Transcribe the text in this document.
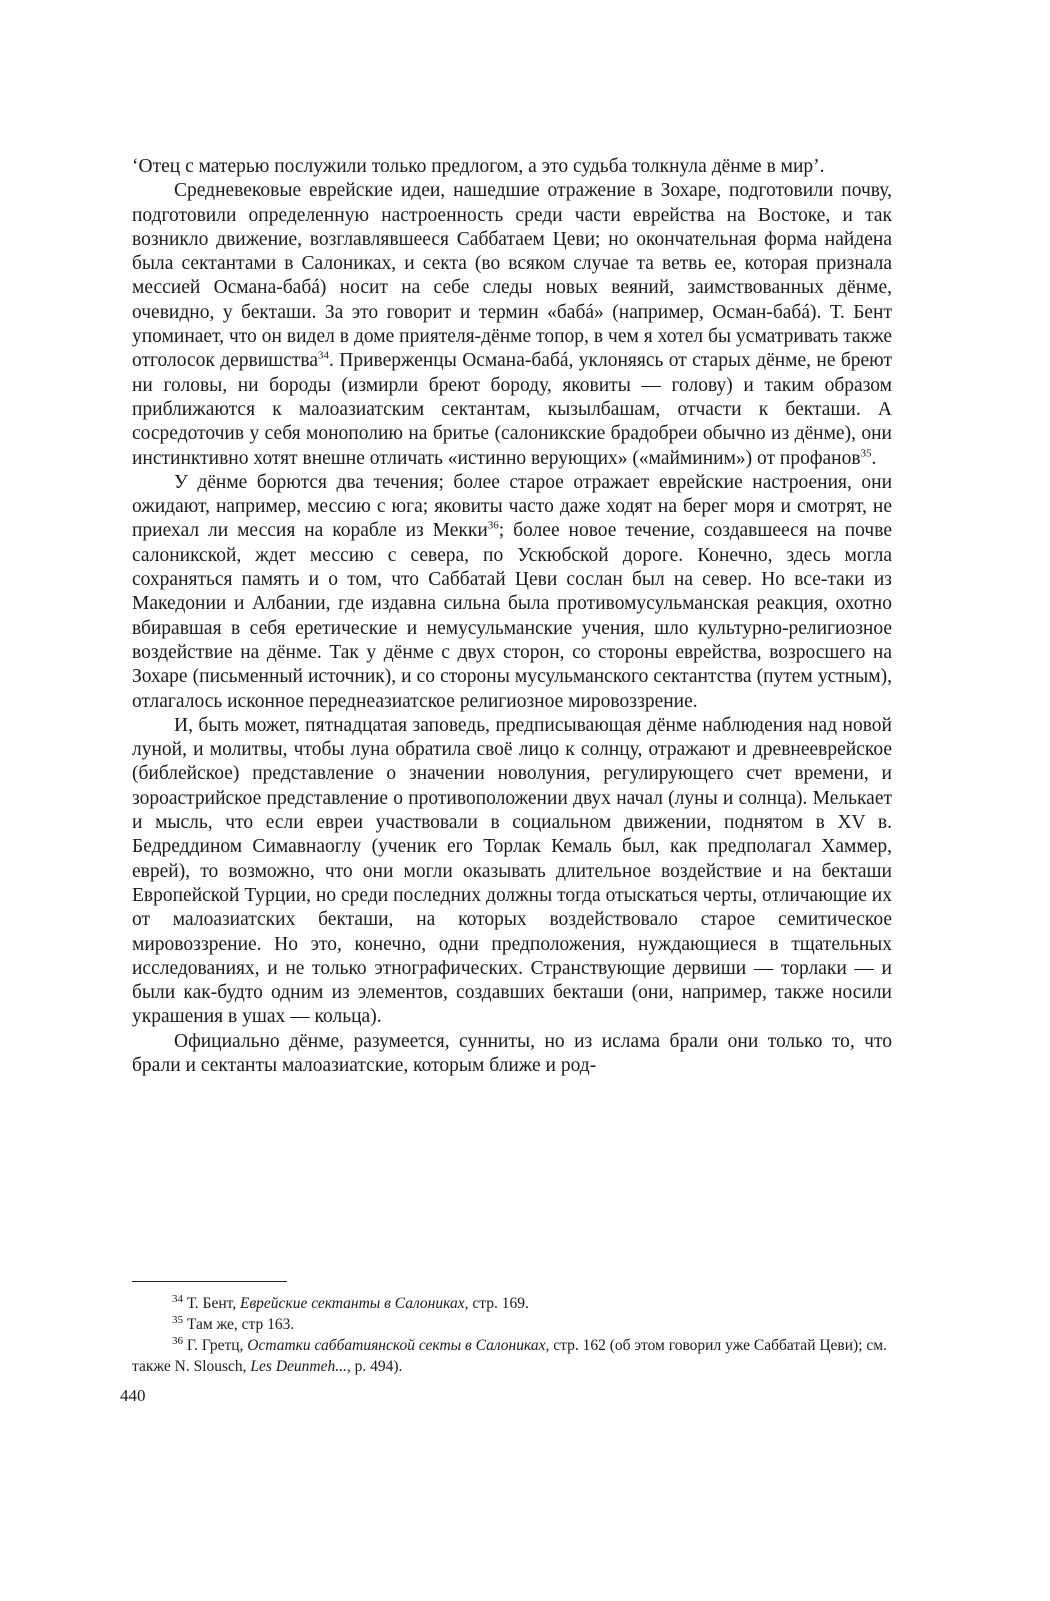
‘Отец с матерью послужили только предлогом, а это судьба толкнула дёнме в мир’.

Средневековые еврейские идеи, нашедшие отражение в Зохаре, подготовили почву, подготовили определенную настроенность среди части еврейства на Востоке, и так возникло движение, возглавлявшееся Саббатаем Цеви; но окончательная форма найдена была сектантами в Салониках, и секта (во всяком случае та ветвь ее, которая признала мессией Османа-бабá) носит на себе следы новых веяний, заимствованных дёнме, очевидно, у бекташи. За это говорит и термин «бабá» (например, Осман-бабá). Т. Бент упоминает, что он видел в доме приятеля-дёнме топор, в чем я хотел бы усматривать также отголосок дервишства$^{34}$. Приверженцы Османа-бабá, уклоняясь от старых дёнме, не бреют ни головы, ни бороды (измирли бреют бороду, яковиты — голову) и таким образом приближаются к малоазиатским сектантам, кызылбашам, отчасти к бекташи. А сосредоточив у себя монополию на бритье (салоникские брадобреи обычно из дёнме), они инстинктивно хотят внешне отличать «истинно верующих» («майминим») от профанов$^{35}$.

У дёнме борются два течения; более старое отражает еврейские настроения, они ожидают, например, мессию с юга; яковиты часто даже ходят на берег моря и смотрят, не приехал ли мессия на корабле из Мекки$^{36}$; более новое течение, создавшееся на почве салоникской, ждет мессию с севера, по Ускюбской дороге. Конечно, здесь могла сохраняться память и о том, что Саббатай Цеви сослан был на север. Но все-таки из Македонии и Албании, где издавна сильна была противомусульманская реакция, охотно вбиравшая в себя еретические и немусульманские учения, шло культурно-религиозное воздействие на дёнме. Так у дёнме с двух сторон, со стороны еврейства, возросшего на Зохаре (письменный источник), и со стороны мусульманского сектантства (путем устным), отлагалось исконное переднеазиатское религиозное мировоззрение.

И, быть может, пятнадцатая заповедь, предписывающая дёнме наблюдения над новой луной, и молитвы, чтобы луна обратила своё лицо к солнцу, отражают и древнееврейское (библейское) представление о значении новолуния, регулирующего счет времени, и зороастрийское представление о противоположении двух начал (луны и солнца). Мелькает и мысль, что если евреи участвовали в социальном движении, поднятом в XV в. Бедреддином Симавнаоглу (ученик его Торлак Кемаль был, как предполагал Хаммер, еврей), то возможно, что они могли оказывать длительное воздействие и на бекташи Европейской Турции, но среди последних должны тогда отыскаться черты, отличающие их от малоазиатских бекташи, на которых воздействовало старое семитическое мировоззрение. Но это, конечно, одни предположения, нуждающиеся в тщательных исследованиях, и не только этнографических. Странствующие дервиши — торлаки — и были как-будто одним из элементов, создавших бекташи (они, например, также носили украшения в ушах — кольца).

Официально дёнме, разумеется, сунниты, но из ислама брали они только то, что брали и сектанты малоазиатские, которым ближе и род-

$^{34}$ Т. Бент, Еврейские сектанты в Салониках, стр. 169.

$^{35}$ Там же, стр 163.

$^{36}$ Г. Гретц, Остатки саббатиянской секты в Салониках, стр. 162 (об этом говорил уже Саббатай Цеви); см. также N. Slousch, Les Deunmeh..., p. 494).

440
